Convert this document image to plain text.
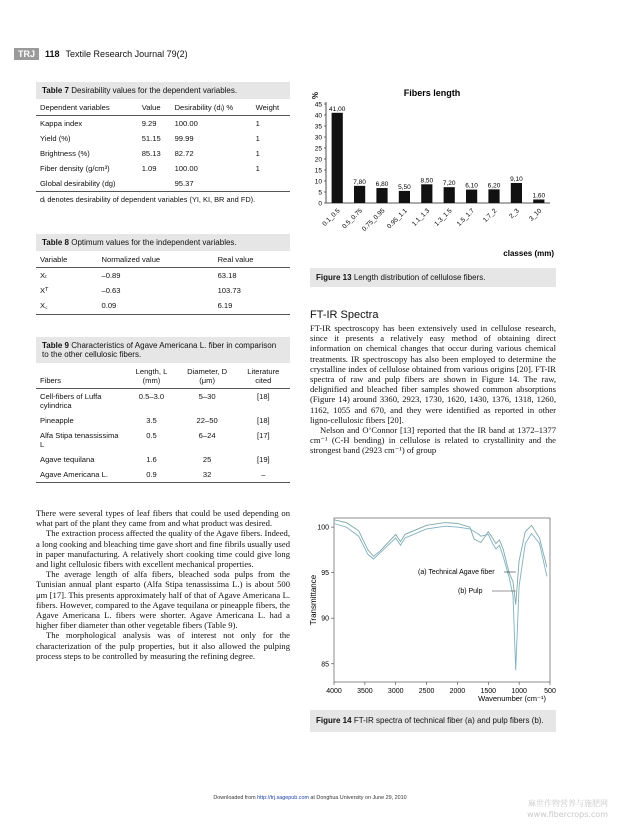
TRJ	118 Textile Research Journal 79(2)
Table 7 Desirability values for the dependent variables.
Dependent variables	Value	Desirability (dᵢ) %	Weight
Kappa index	9.29	100.00	1
Yield (%)	51.15	99.99	1
Brightness (%)	85.13	82.72	1
Fiber density (g/cm³)	1.09	100.00	1
Global desirability (dg)		95.37	
dᵢ denotes desirability of dependent variables (YI, KI, BR and FD).
Table 8 Optimum values for the independent variables.
Variable	Normalized value	Real value
Xₜ	–0.89	63.18
Xᵀ	–0.63	103.73
X꜀	0.09	6.19
Table 9 Characteristics of Agave Americana L. fiber in comparison to the other cellulosic fibers.
Fibers	Length, L (mm)	Diameter, D (μm)	Literature cited
Cell-fibers of Luffa cylindrica	0.5–3.0	5–30	[18]
Pineapple	3.5	22–50	[18]
Alfa Stipa tenassissima L	0.5	6–24	[17]
Agave tequilana	1.6	25	[19]
Agave Americana L.	0.9	32	–

There were several types of leaf fibers that could be used depending on what part of the plant they came from and what product was desired.

The extraction process affected the quality of the Agave fibers. Indeed, a long cooking and bleaching time gave short and fine fibrils usually used in paper manufacturing. A relatively short cooking time could give long and light cellulosic fibers with excellent mechanical properties.

The average length of alfa fibers, bleached soda pulps from the Tunisian annual plant esparto (Alfa Stipa tenassissima L.) is about 500 μm [17]. This presents approximately half of that of Agave Americana L. fibers. However, compared to the Agave tequilana or pineapple fibers, the Agave Americana L. fibers were shorter. Agave Americana L. had a higher fiber diameter than other vegetable fibers (Table 9).

The morphological analysis was of interest not only for the characterization of the pulp properties, but it also allowed the pulping process steps to be controlled by measuring the refining degree.

Fibers length
%
0
5
10
15
20
25
30
35
40
45
41,00
0.1_0.5
7,80
0.5_0.75
6,80
0.75_0.95
5,50
0.95_1.1
8,50
1.1_1.3
7,20
1.3_1.5
6,10
1.5_1.7
6,20
1.7_2
9,10
2_3
1,60
3_10
classes (mm)
Figure 13 Length distribution of cellulose fibers.
FT-IR Spectra

FT-IR spectroscopy has been extensively used in cellulose research, since it presents a relatively easy method of obtaining direct information on chemical changes that occur during various chemical treatments. IR spectroscopy has also been employed to determine the crystalline index of cellulose obtained from various origins [20]. FT-IR spectra of raw and pulp fibers are shown in Figure 14. The raw, delignified and bleached fiber samples showed common absorptions (Figure 14) around 3360, 2923, 1730, 1620, 1430, 1376, 1318, 1260, 1162, 1055 and 670, and they were identified as reported in other ligno-cellulosic fibers [20].

Nelson and O’Connor [13] reported that the IR band at 1372–1377 cm⁻¹ (C-H bending) in cellulose is related to crystallinity and the strongest band (2923 cm⁻¹) of group

4000 3500 3000 2500 2000 1500 1000 500
85
90
95
100
Transmittance
Wavenumber (cm⁻¹)
(a) Technical Agave fiber
(b) Pulp
Figure 14 FT-IR spectra of technical fiber (a) and pulp fibers (b).
Downloaded from http://trj.sagepub.com at Donghua University on June 29, 2010
麻世作物营养与施肥网
www.fibercrops.com
